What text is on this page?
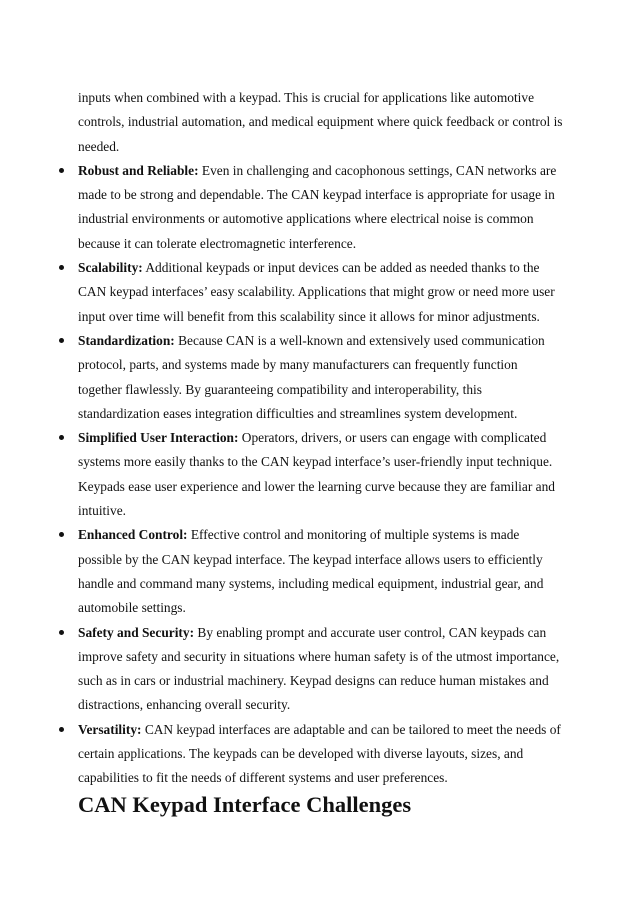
inputs when combined with a keypad. This is crucial for applications like automotive controls, industrial automation, and medical equipment where quick feedback or control is needed.

Robust and Reliable: Even in challenging and cacophonous settings, CAN networks are made to be strong and dependable. The CAN keypad interface is appropriate for usage in industrial environments or automotive applications where electrical noise is common because it can tolerate electromagnetic interference.
Scalability: Additional keypads or input devices can be added as needed thanks to the CAN keypad interfaces’ easy scalability. Applications that might grow or need more user input over time will benefit from this scalability since it allows for minor adjustments.
Standardization: Because CAN is a well-known and extensively used communication protocol, parts, and systems made by many manufacturers can frequently function together flawlessly. By guaranteeing compatibility and interoperability, this standardization eases integration difficulties and streamlines system development.
Simplified User Interaction: Operators, drivers, or users can engage with complicated systems more easily thanks to the CAN keypad interface’s user-friendly input technique. Keypads ease user experience and lower the learning curve because they are familiar and intuitive.
Enhanced Control: Effective control and monitoring of multiple systems is made possible by the CAN keypad interface. The keypad interface allows users to efficiently handle and command many systems, including medical equipment, industrial gear, and automobile settings.
Safety and Security: By enabling prompt and accurate user control, CAN keypads can improve safety and security in situations where human safety is of the utmost importance, such as in cars or industrial machinery. Keypad designs can reduce human mistakes and distractions, enhancing overall security.
Versatility: CAN keypad interfaces are adaptable and can be tailored to meet the needs of certain applications. The keypads can be developed with diverse layouts, sizes, and capabilities to fit the needs of different systems and user preferences.
CAN Keypad Interface Challenges
